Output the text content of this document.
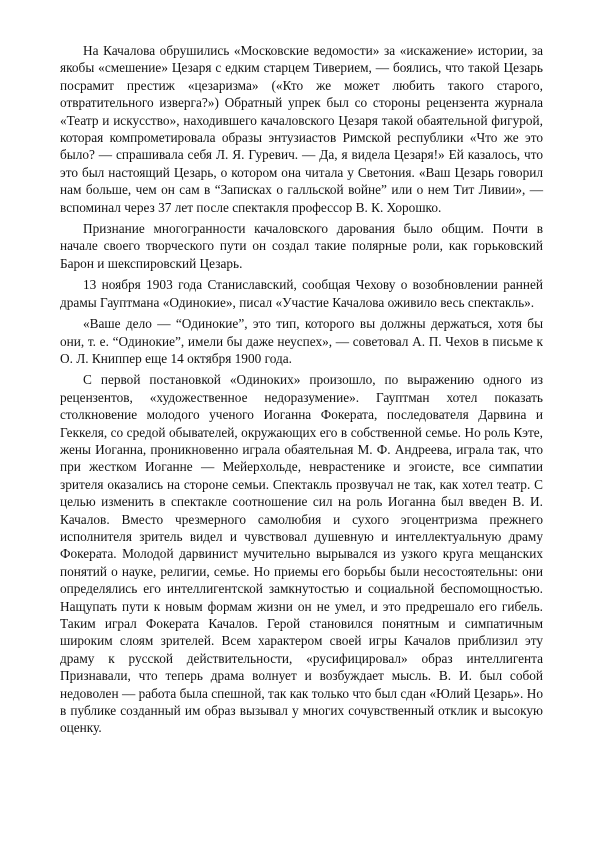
На Качалова обрушились «Московские ведомости» за «искажение» истории, за якобы «смешение» Цезаря с едким старцем Тиверием, — боялись, что такой Цезарь посрамит престиж «цезаризма» («Кто же может любить такого старого, отвратительного изверга?») Обратный упрек был со стороны рецензента журнала «Театр и искусство», находившего качаловского Цезаря такой обаятельной фигурой, которая компрометировала образы энтузиастов Римской республики «Что же это было? — спрашивала себя Л. Я. Гуревич. — Да, я видела Цезаря!» Ей казалось, что это был настоящий Цезарь, о котором она читала у Светония. «Ваш Цезарь говорил нам больше, чем он сам в “Записках о галльской войне” или о нем Тит Ливии», — вспоминал через 37 лет после спектакля профессор В. К. Хорошко.

Признание многогранности качаловского дарования было общим. Почти в начале своего творческого пути он создал такие полярные роли, как горьковский Барон и шекспировский Цезарь.

13 ноября 1903 года Станиславский, сообщая Чехову о возобновлении ранней драмы Гауптмана «Одинокие», писал «Участие Качалова оживило весь спектакль».

«Ваше дело — “Одинокие”, это тип, которого вы должны держаться, хотя бы они, т. е. “Одинокие”, имели бы даже неуспех», — советовал А. П. Чехов в письме к О. Л. Книппер еще 14 октября 1900 года.

С первой постановкой «Одиноких» произошло, по выражению одного из рецензентов, «художественное недоразумение». Гауптман хотел показать столкновение молодого ученого Иоганна Фокерата, последователя Дарвина и Геккеля, со средой обывателей, окружающих его в собственной семье. Но роль Кэте, жены Иоганна, проникновенно играла обаятельная М. Ф. Андреева, играла так, что при жестком Иоганне — Мейерхольде, неврастенике и эгоисте, все симпатии зрителя оказались на стороне семьи. Спектакль прозвучал не так, как хотел театр. С целью изменить в спектакле соотношение сил на роль Иоганна был введен В. И. Качалов. Вместо чрезмерного самолюбия и сухого эгоцентризма прежнего исполнителя зритель видел и чувствовал душевную и интеллектуальную драму Фокерата. Молодой дарвинист мучительно вырывался из узкого круга мещанских понятий о науке, религии, семье. Но приемы его борьбы были несостоятельны: они определялись его интеллигентской замкнутостью и социальной беспомощностью. Нащупать пути к новым формам жизни он не умел, и это предрешало его гибель. Таким играл Фокерата Качалов. Герой становился понятным и симпатичным широким слоям зрителей. Всем характером своей игры Качалов приблизил эту драму к русской действительности, «русифицировал» образ интеллигента Признавали, что теперь драма волнует и возбуждает мысль. В. И. был собой недоволен — работа была спешной, так как только что был сдан «Юлий Цезарь». Но в публике созданный им образ вызывал у многих сочувственный отклик и высокую оценку.
